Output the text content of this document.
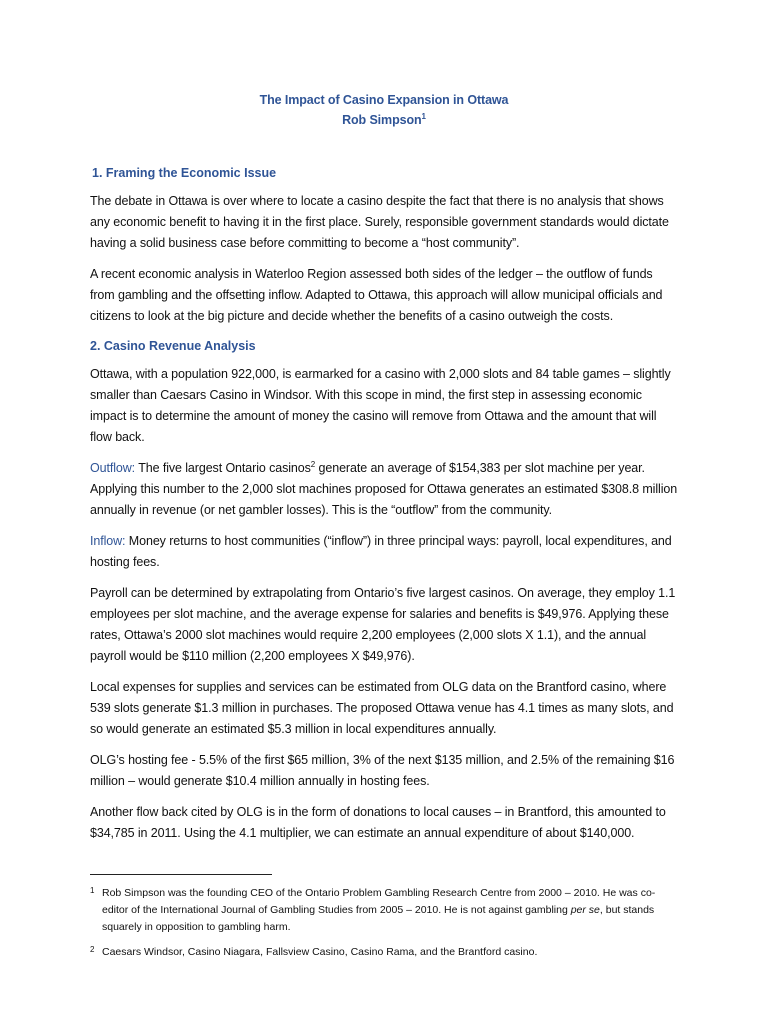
The Impact of Casino Expansion in Ottawa

Rob Simpson$^1$

1. Framing the Economic Issue

The debate in Ottawa is over where to locate a casino despite the fact that there is no analysis that shows any economic benefit to having it in the first place. Surely, responsible government standards would dictate having a solid business case before committing to become a “host community”.

A recent economic analysis in Waterloo Region assessed both sides of the ledger – the outflow of funds from gambling and the offsetting inflow. Adapted to Ottawa, this approach will allow municipal officials and citizens to look at the big picture and decide whether the benefits of a casino outweigh the costs.

2. Casino Revenue Analysis

Ottawa, with a population 922,000, is earmarked for a casino with 2,000 slots and 84 table games – slightly smaller than Caesars Casino in Windsor. With this scope in mind, the first step in assessing economic impact is to determine the amount of money the casino will remove from Ottawa and the amount that will flow back.

Outflow: The five largest Ontario casinos$^2$ generate an average of $154,383 per slot machine per year. Applying this number to the 2,000 slot machines proposed for Ottawa generates an estimated $308.8 million annually in revenue (or net gambler losses). This is the “outflow” from the community.

Inflow: Money returns to host communities (“inflow”) in three principal ways: payroll, local expenditures, and hosting fees.

Payroll can be determined by extrapolating from Ontario’s five largest casinos. On average, they employ 1.1 employees per slot machine, and the average expense for salaries and benefits is $49,976. Applying these rates, Ottawa’s 2000 slot machines would require 2,200 employees (2,000 slots X 1.1), and the annual payroll would be $110 million (2,200 employees X $49,976).

Local expenses for supplies and services can be estimated from OLG data on the Brantford casino, where 539 slots generate $1.3 million in purchases. The proposed Ottawa venue has 4.1 times as many slots, and so would generate an estimated $5.3 million in local expenditures annually.

OLG’s hosting fee - 5.5% of the first $65 million, 3% of the next $135 million, and 2.5% of the remaining $16 million – would generate $10.4 million annually in hosting fees.

Another flow back cited by OLG is in the form of donations to local causes – in Brantford, this amounted to $34,785 in 2011. Using the 4.1 multiplier, we can estimate an annual expenditure of about $140,000.

1 Rob Simpson was the founding CEO of the Ontario Problem Gambling Research Centre from 2000 – 2010. He was co-editor of the International Journal of Gambling Studies from 2005 – 2010. He is not against gambling per se, but stands squarely in opposition to gambling harm.
2 Caesars Windsor, Casino Niagara, Fallsview Casino, Casino Rama, and the Brantford casino.
